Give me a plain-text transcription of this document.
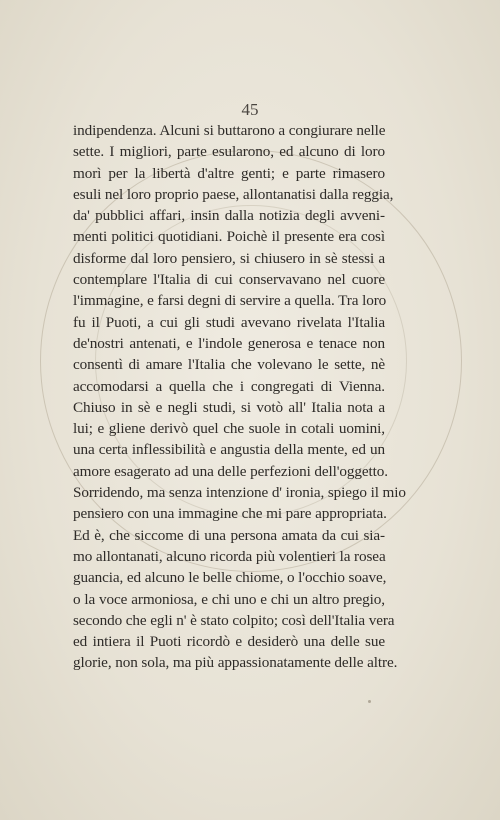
45
indipendenza. Alcuni si buttarono a congiurare nelle
sette. I migliori, parte esularono, ed alcuno di loro
morì per la libertà d'altre genti; e parte rimasero
esuli nel loro proprio paese, allontanatisi dalla reggia,
da' pubblici affari, insin dalla notizia degli avveni-
menti politici quotidiani. Poichè il presente era così
disforme dal loro pensiero, si chiusero in sè stessi a
contemplare l'Italia di cui conservavano nel cuore
l'immagine, e farsi degni di servire a quella. Tra loro
fu il Puoti, a cui gli studi avevano rivelata l'Italia
de'nostri antenati, e l'indole generosa e tenace non
consentì di amare l'Italia che volevano le sette, nè
accomodarsi a quella che i congregati di Vienna.
Chiuso in sè e negli studi, si votò all' Italia nota a
lui; e gliene derivò quel che suole in cotali uomini,
una certa inflessibilità e angustia della mente, ed un
amore esagerato ad una delle perfezioni dell'oggetto.
Sorridendo, ma senza intenzione d' ironia, spiego il mio
pensiero con una immagine che mi pare appropriata.
Ed è, che siccome di una persona amata da cui sia-
mo allontanati, alcuno ricorda più volentieri la rosea
guancia, ed alcuno le belle chiome, o l'occhio soave,
o la voce armoniosa, e chi uno e chi un altro pregio,
secondo che egli n' è stato colpito; così dell'Italia vera
ed intiera il Puoti ricordò e desiderò una delle sue
glorie, non sola, ma più appassionatamente delle altre.
